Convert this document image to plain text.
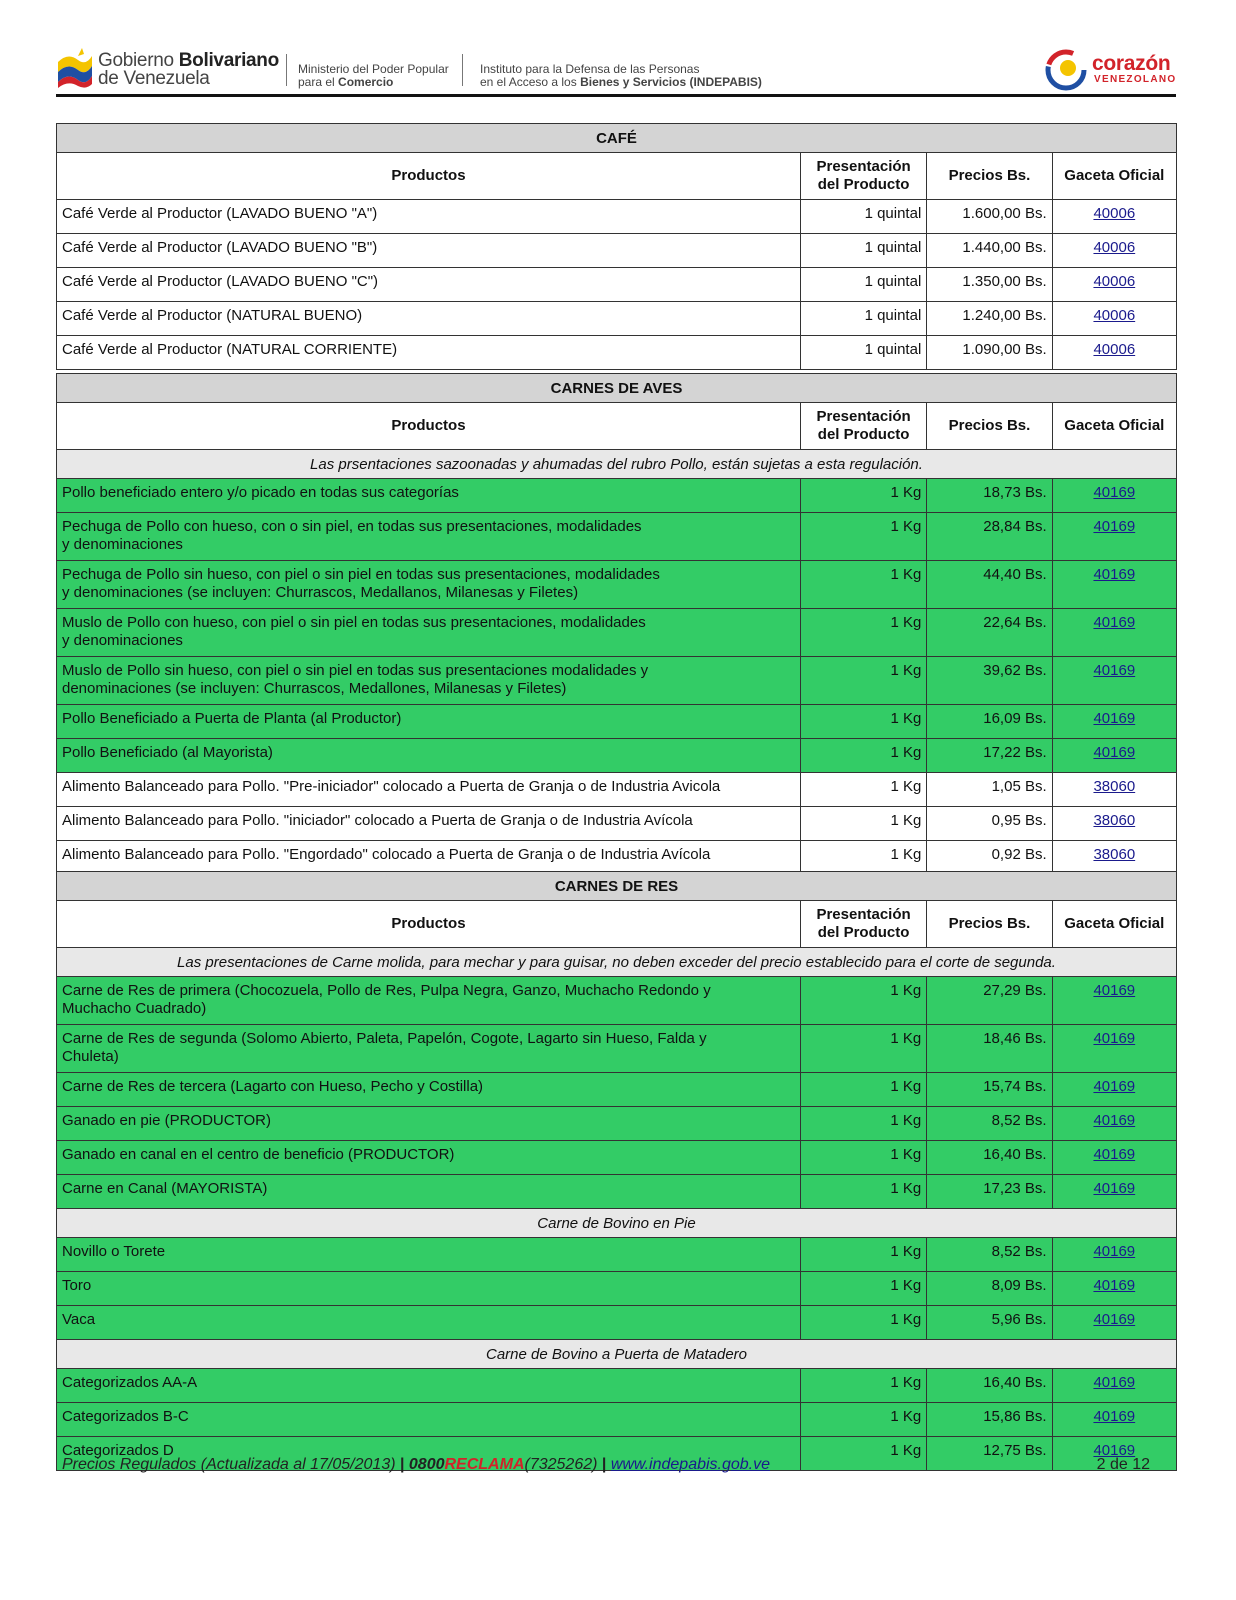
Gobierno Bolivariano
de Venezuela	Ministerio del Poder Popular
para el Comercio
Instituto para la Defensa de las Personas
en el Acceso a los Bienes y Servicios (INDEPABIS)
corazón
VENEZOLANO
CAFÉ			
Productos	Presentación
del Producto	Precios Bs.	Gaceta Oficial
Café Verde al Productor (LAVADO BUENO "A")	1 quintal	1.600,00 Bs.	40006
Café Verde al Productor (LAVADO BUENO "B")	1 quintal	1.440,00 Bs.	40006
Café Verde al Productor (LAVADO BUENO "C")	1 quintal	1.350,00 Bs.	40006
Café Verde al Productor (NATURAL BUENO)	1 quintal	1.240,00 Bs.	40006
Café Verde al Productor (NATURAL CORRIENTE)	1 quintal	1.090,00 Bs.	40006
CARNES DE AVES			
Productos	Presentación
del Producto	Precios Bs.	Gaceta Oficial
Las prsentaciones sazoonadas y ahumadas del rubro Pollo, están sujetas a esta regulación.			
Pollo beneficiado entero y/o picado en todas sus categorías	1 Kg	18,73 Bs.	40169
Pechuga de Pollo con hueso, con o sin piel, en todas sus presentaciones, modalidades
y denominaciones	1 Kg	28,84 Bs.	40169
Pechuga de Pollo sin hueso, con piel o sin piel en todas sus presentaciones, modalidades
y denominaciones (se incluyen: Churrascos, Medallanos, Milanesas y Filetes)	1 Kg	44,40 Bs.	40169
Muslo de Pollo con hueso, con piel o sin piel en todas sus presentaciones, modalidades
y denominaciones	1 Kg	22,64 Bs.	40169
Muslo de Pollo sin hueso, con piel o sin piel en todas sus presentaciones modalidades y
denominaciones (se incluyen: Churrascos, Medallones, Milanesas y Filetes)	1 Kg	39,62 Bs.	40169
Pollo Beneficiado a Puerta de Planta (al Productor)	1 Kg	16,09 Bs.	40169
Pollo Beneficiado (al Mayorista)	1 Kg	17,22 Bs.	40169
Alimento Balanceado para Pollo. "Pre-iniciador" colocado a Puerta de Granja o de Industria Avicola	1 Kg	1,05 Bs.	38060
Alimento Balanceado para Pollo. "iniciador" colocado a Puerta de Granja o de Industria Avícola	1 Kg	0,95 Bs.	38060
Alimento Balanceado para Pollo. "Engordado" colocado a Puerta de Granja o de Industria Avícola	1 Kg	0,92 Bs.	38060
CARNES DE RES			
Productos	Presentación
del Producto	Precios Bs.	Gaceta Oficial
Las presentaciones de Carne molida, para mechar y para guisar, no deben exceder del precio establecido para el corte de segunda.			
Carne de Res de primera (Chocozuela, Pollo de Res, Pulpa Negra, Ganzo, Muchacho Redondo y
Muchacho Cuadrado)	1 Kg	27,29 Bs.	40169
Carne de Res de segunda (Solomo Abierto, Paleta, Papelón, Cogote, Lagarto sin Hueso, Falda y
Chuleta)	1 Kg	18,46 Bs.	40169
Carne de Res de tercera (Lagarto con Hueso, Pecho y Costilla)	1 Kg	15,74 Bs.	40169
Ganado en pie (PRODUCTOR)	1 Kg	8,52 Bs.	40169
Ganado en canal en el centro de beneficio (PRODUCTOR)	1 Kg	16,40 Bs.	40169
Carne en Canal (MAYORISTA)	1 Kg	17,23 Bs.	40169
Carne de Bovino en Pie			
Novillo o Torete	1 Kg	8,52 Bs.	40169
Toro	1 Kg	8,09 Bs.	40169
Vaca	1 Kg	5,96 Bs.	40169
Carne de Bovino a Puerta de Matadero			
Categorizados AA-A	1 Kg	16,40 Bs.	40169
Categorizados B-C	1 Kg	15,86 Bs.	40169
Categorizados D	1 Kg	12,75 Bs.	40169
Precios Regulados (Actualizada al 17/05/2013) | 0800RECLAMA(7325262) | www.indepabis.gob.ve	2 de 12
